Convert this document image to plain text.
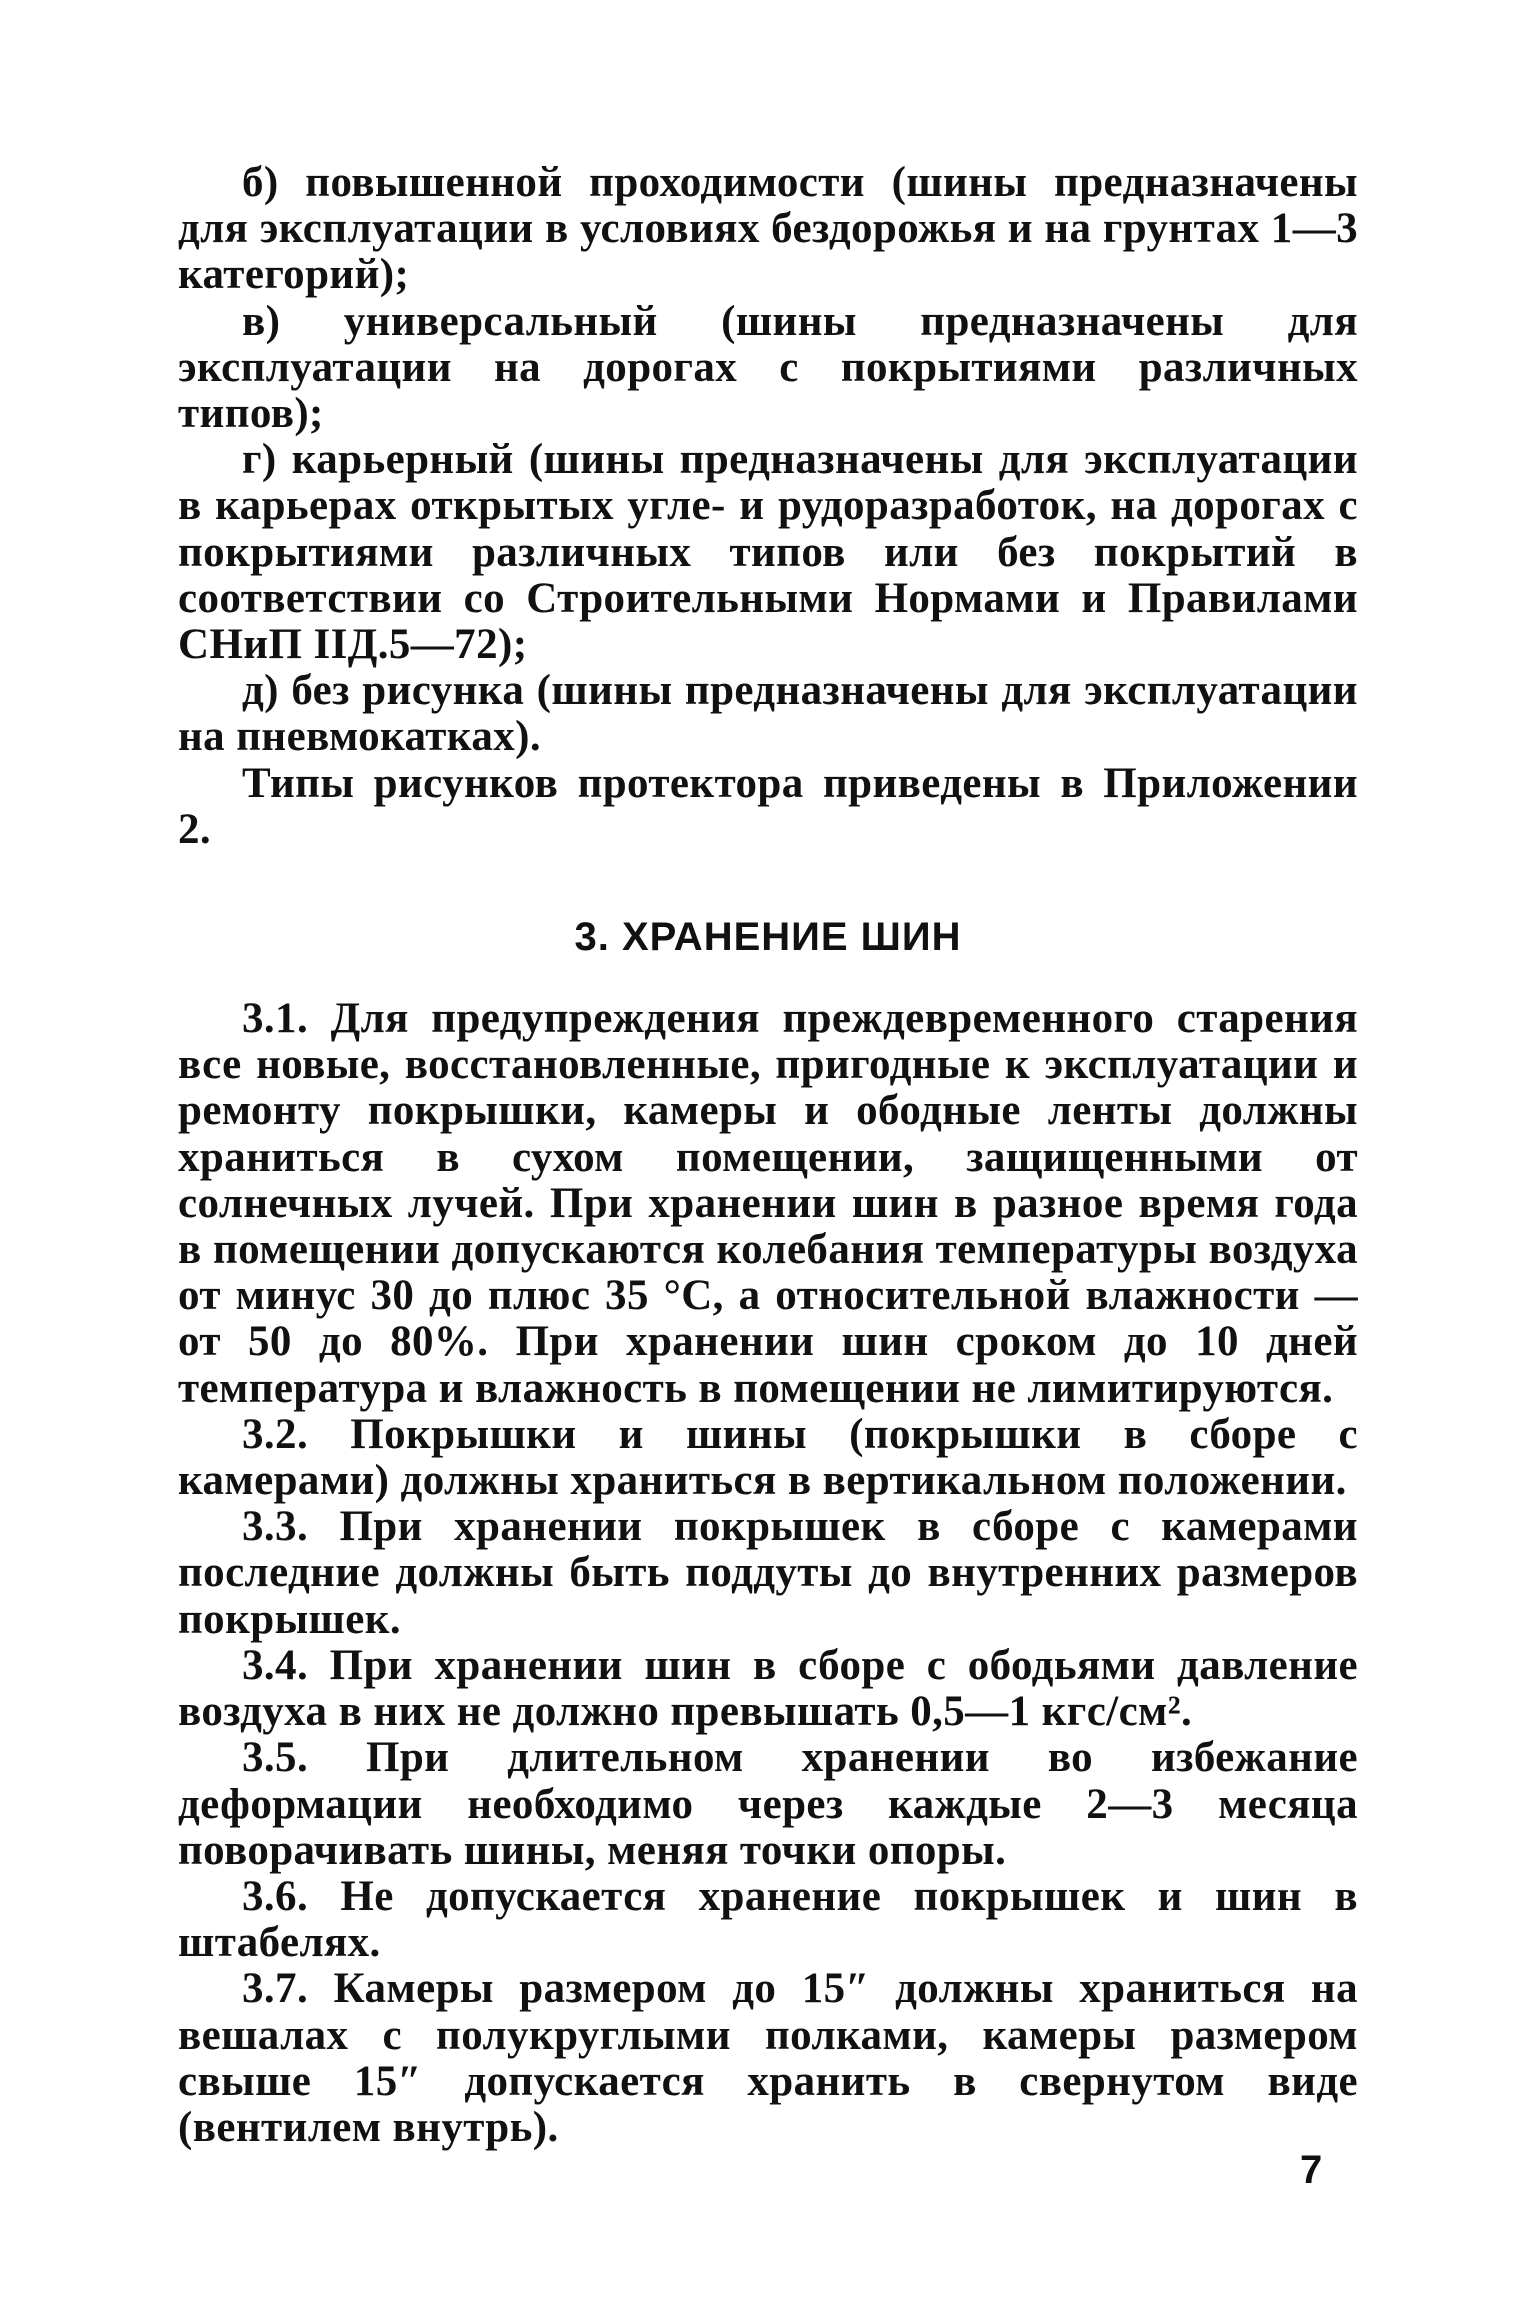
б) повышенной проходимости (шины предназначены для эксплуатации в условиях бездорожья и на грунтах 1—3 категорий);

в) универсальный (шины предназначены для эксплуатации на дорогах с покрытиями различных типов);

г) карьерный (шины предназначены для эксплуатации в карьерах открытых угле- и рудоразработок, на дорогах с покрытиями различных типов или без покрытий в соответствии со Строительными Нормами и Правилами СНиП IIД.5—72);

д) без рисунка (шины предназначены для эксплуатации на пневмокатках).

Типы рисунков протектора приведены в Приложении 2.

3. ХРАНЕНИЕ ШИН

3.1. Для предупреждения преждевременного старения все новые, восстановленные, пригодные к эксплуатации и ремонту покрышки, камеры и ободные ленты должны храниться в сухом помещении, защищенными от солнечных лучей. При хранении шин в разное время года в помещении допускаются колебания температуры воздуха от минус 30 до плюс 35 °С, а относительной влажности — от 50 до 80%. При хранении шин сроком до 10 дней температура и влажность в помещении не лимитируются.

3.2. Покрышки и шины (покрышки в сборе с камерами) должны храниться в вертикальном положении.

3.3. При хранении покрышек в сборе с камерами последние должны быть поддуты до внутренних размеров покрышек.

3.4. При хранении шин в сборе с ободьями давление воздуха в них не должно превышать 0,5—1 кгс/см².

3.5. При длительном хранении во избежание деформации необходимо через каждые 2—3 месяца поворачивать шины, меняя точки опоры.

3.6. Не допускается хранение покрышек и шин в штабелях.

3.7. Камеры размером до 15″ должны храниться на вешалах с полукруглыми полками, камеры размером свыше 15″ допускается хранить в свернутом виде (вентилем внутрь).

7
